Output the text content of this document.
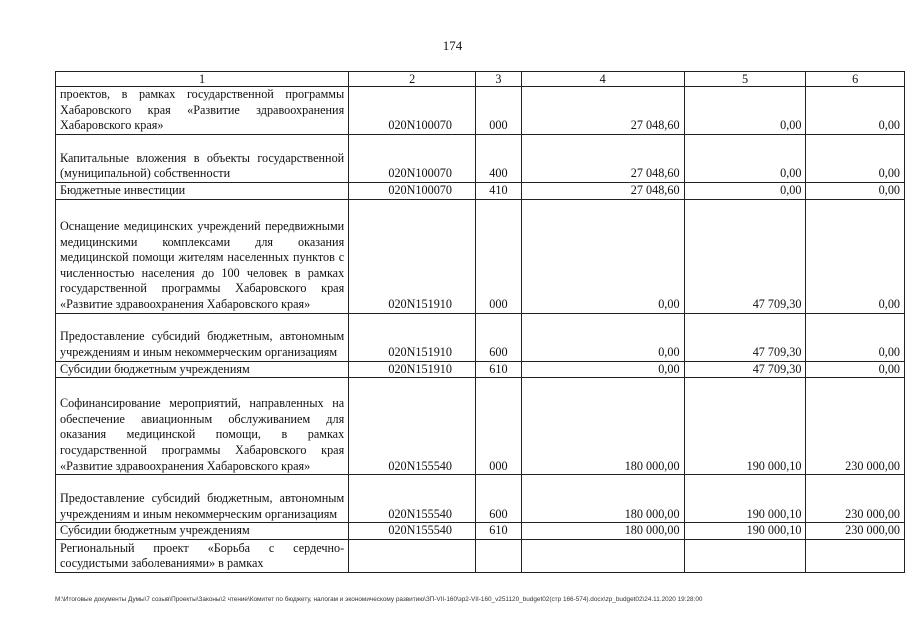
174
1	2	3	4	5	6
проектов, в рамках государственной программы Хабаровского края «Развитие здравоохранения Хабаровского края»	020N100070	000	27 048,60	0,00	0,00
Капитальные вложения в объекты государственной (муниципальной) собственности	020N100070	400	27 048,60	0,00	0,00
Бюджетные инвестиции	020N100070	410	27 048,60	0,00	0,00
Оснащение медицинских учреждений передвижными медицинскими комплексами для оказания медицинской помощи жителям населенных пунктов с численностью населения до 100 человек в рамках государственной программы Хабаровского края «Развитие здравоохранения Хабаровского края»	020N151910	000	0,00	47 709,30	0,00
Предоставление субсидий бюджетным, автономным учреждениям и иным некоммерческим организациям	020N151910	600	0,00	47 709,30	0,00
Субсидии бюджетным учреждениям	020N151910	610	0,00	47 709,30	0,00
Софинансирование мероприятий, направленных на обеспечение авиационным обслуживанием для оказания медицинской помощи, в рамках государственной программы Хабаровского края «Развитие здравоохранения Хабаровского края»	020N155540	000	180 000,00	190 000,10	230 000,00
Предоставление субсидий бюджетным, автономным учреждениям и иным некоммерческим организациям	020N155540	600	180 000,00	190 000,10	230 000,00
Субсидии бюджетным учреждениям	020N155540	610	180 000,00	190 000,10	230 000,00
Региональный проект «Борьба с сердечно-сосудистыми заболеваниями» в рамках					
M:\Итоговые документы Думы\7 созыв\Проекты\Законы\2 чтение\Комитет по бюджету, налогам и экономическому развитию\ЗП-VII-160\зр2-VII-160_v251120_budget02(стр 166-574).docx\zp_budget02\24.11.2020 19:28:00
